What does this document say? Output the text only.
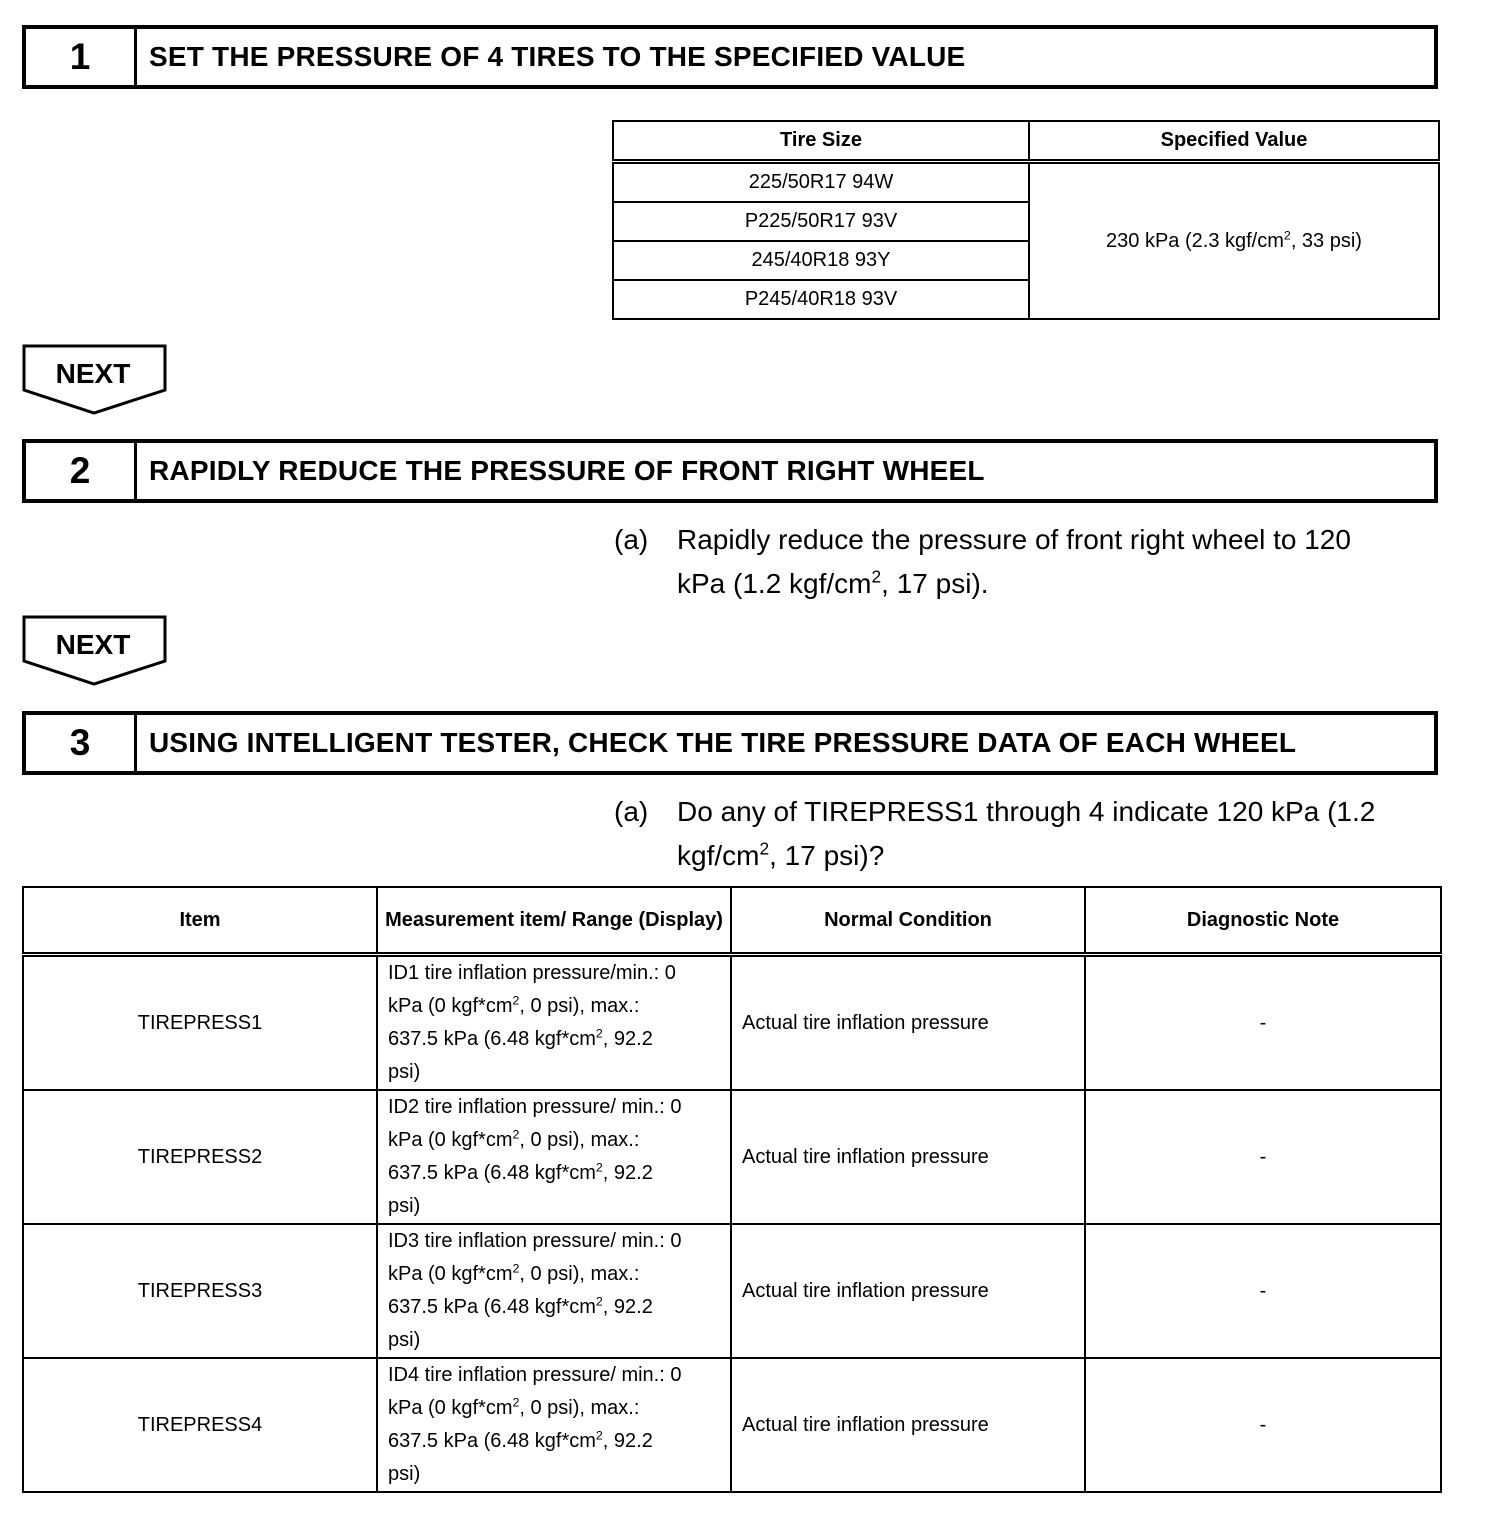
1	SET THE PRESSURE OF 4 TIRES TO THE SPECIFIED VALUE
Tire Size	Specified Value
225/50R17 94W	230 kPa (2.3 kgf/$cm^2$, 33 psi)
P225/50R17 93V	
245/40R18 93Y	
P245/40R18 93V	
NEXT
2	RAPIDLY REDUCE THE PRESSURE OF FRONT RIGHT WHEEL
(a) Rapidly reduce the pressure of front right wheel to 120
kPa (1.2 kgf/$cm^2$, 17 psi).
NEXT
3	USING INTELLIGENT TESTER, CHECK THE TIRE PRESSURE DATA OF EACH WHEEL
(a) Do any of TIREPRESS1 through 4 indicate 120 kPa (1.2
kgf/$cm^2$, 17 psi)?
Item	Measurement item/ Range (Display)	Normal Condition	Diagnostic Note
TIREPRESS1	ID1 tire inflation pressure/min.: 0
kPa (0 $kgf*cm^2$, 0 psi), max.:
637.5 kPa (6.48 $kgf*cm^2$, 92.2
psi)	Actual tire inflation pressure	-
TIREPRESS2	ID2 tire inflation pressure/ min.: 0
kPa (0 $kgf*cm^2$, 0 psi), max.:
637.5 kPa (6.48 $kgf*cm^2$, 92.2
psi)	Actual tire inflation pressure	-
TIREPRESS3	ID3 tire inflation pressure/ min.: 0
kPa (0 $kgf*cm^2$, 0 psi), max.:
637.5 kPa (6.48 $kgf*cm^2$, 92.2
psi)	Actual tire inflation pressure	-
TIREPRESS4	ID4 tire inflation pressure/ min.: 0
kPa (0 $kgf*cm^2$, 0 psi), max.:
637.5 kPa (6.48 $kgf*cm^2$, 92.2
psi)	Actual tire inflation pressure	-
